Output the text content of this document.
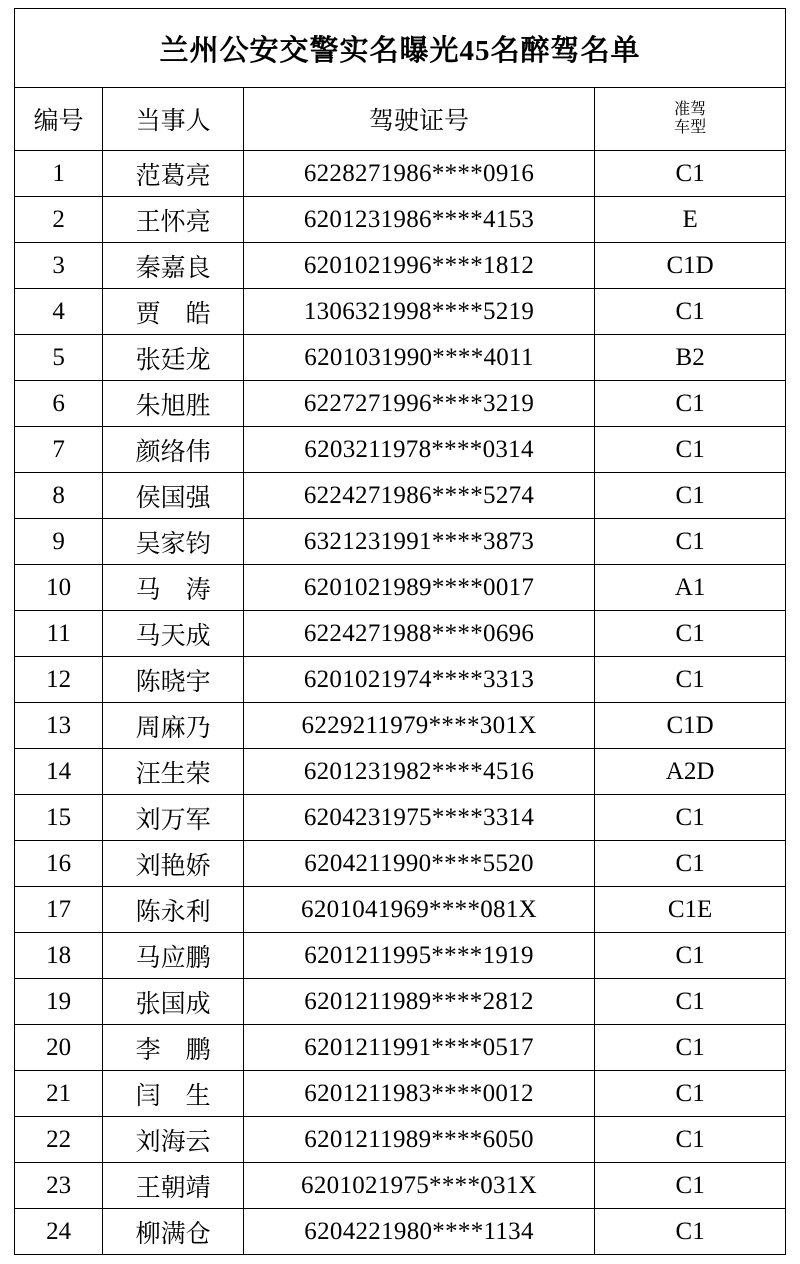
兰州公安交警实名曝光45名醉驾名单			
编号	当事人	驾驶证号	准驾
车型

1	范葛亮	6228271986****0916	C1
2	王怀亮	6201231986****4153	E
3	秦嘉良	6201021996****1812	C1D
4	贾　皓	1306321998****5219	C1
5	张廷龙	6201031990****4011	B2
6	朱旭胜	6227271996****3219	C1
7	颜络伟	6203211978****0314	C1
8	侯国强	6224271986****5274	C1
9	吴家钧	6321231991****3873	C1
10	马　涛	6201021989****0017	A1
11	马天成	6224271988****0696	C1
12	陈晓宇	6201021974****3313	C1
13	周麻乃	6229211979****301X	C1D
14	汪生荣	6201231982****4516	A2D
15	刘万军	6204231975****3314	C1
16	刘艳娇	6204211990****5520	C1
17	陈永利	6201041969****081X	C1E
18	马应鹏	6201211995****1919	C1
19	张国成	6201211989****2812	C1
20	李　鹏	6201211991****0517	C1
21	闫　生	6201211983****0012	C1
22	刘海云	6201211989****6050	C1
23	王朝靖	6201021975****031X	C1
24	柳满仓	6204221980****1134	C1
